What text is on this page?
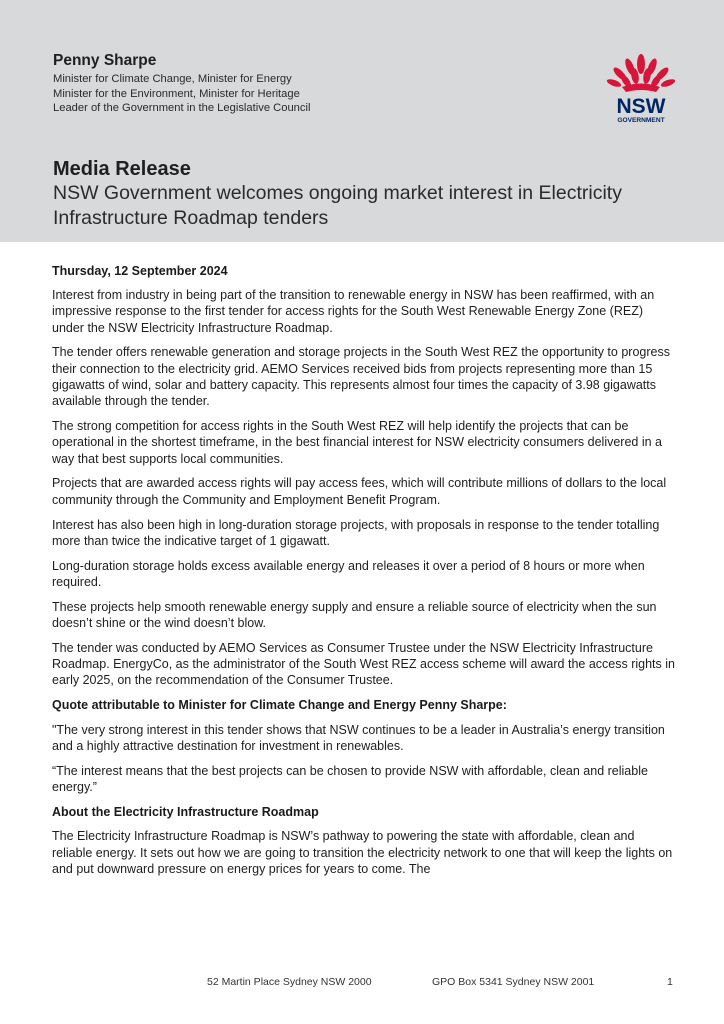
Penny Sharpe
Minister for Climate Change, Minister for Energy
Minister for the Environment, Minister for Heritage
Leader of the Government in the Legislative Council	NSW
GOVERNMENT
Media Release
NSW Government welcomes ongoing market interest in Electricity Infrastructure Roadmap tenders

Thursday, 12 September 2024

Interest from industry in being part of the transition to renewable energy in NSW has been reaffirmed, with an impressive response to the first tender for access rights for the South West Renewable Energy Zone (REZ) under the NSW Electricity Infrastructure Roadmap.

The tender offers renewable generation and storage projects in the South West REZ the opportunity to progress their connection to the electricity grid. AEMO Services received bids from projects representing more than 15 gigawatts of wind, solar and battery capacity. This represents almost four times the capacity of 3.98 gigawatts available through the tender.

The strong competition for access rights in the South West REZ will help identify the projects that can be operational in the shortest timeframe, in the best financial interest for NSW electricity consumers delivered in a way that best supports local communities.

Projects that are awarded access rights will pay access fees, which will contribute millions of dollars to the local community through the Community and Employment Benefit Program.

Interest has also been high in long-duration storage projects, with proposals in response to the tender totalling more than twice the indicative target of 1 gigawatt.

Long-duration storage holds excess available energy and releases it over a period of 8 hours or more when required.

These projects help smooth renewable energy supply and ensure a reliable source of electricity when the sun doesn’t shine or the wind doesn’t blow.

The tender was conducted by AEMO Services as Consumer Trustee under the NSW Electricity Infrastructure Roadmap. EnergyCo, as the administrator of the South West REZ access scheme will award the access rights in early 2025, on the recommendation of the Consumer Trustee.

Quote attributable to Minister for Climate Change and Energy Penny Sharpe:

"The very strong interest in this tender shows that NSW continues to be a leader in Australia’s energy transition and a highly attractive destination for investment in renewables.

“The interest means that the best projects can be chosen to provide NSW with affordable, clean and reliable energy.”

About the Electricity Infrastructure Roadmap

The Electricity Infrastructure Roadmap is NSW’s pathway to powering the state with affordable, clean and reliable energy. It sets out how we are going to transition the electricity network to one that will keep the lights on and put downward pressure on energy prices for years to come. The

52 Martin Place Sydney NSW 2000	GPO Box 5341 Sydney NSW 2001	1
